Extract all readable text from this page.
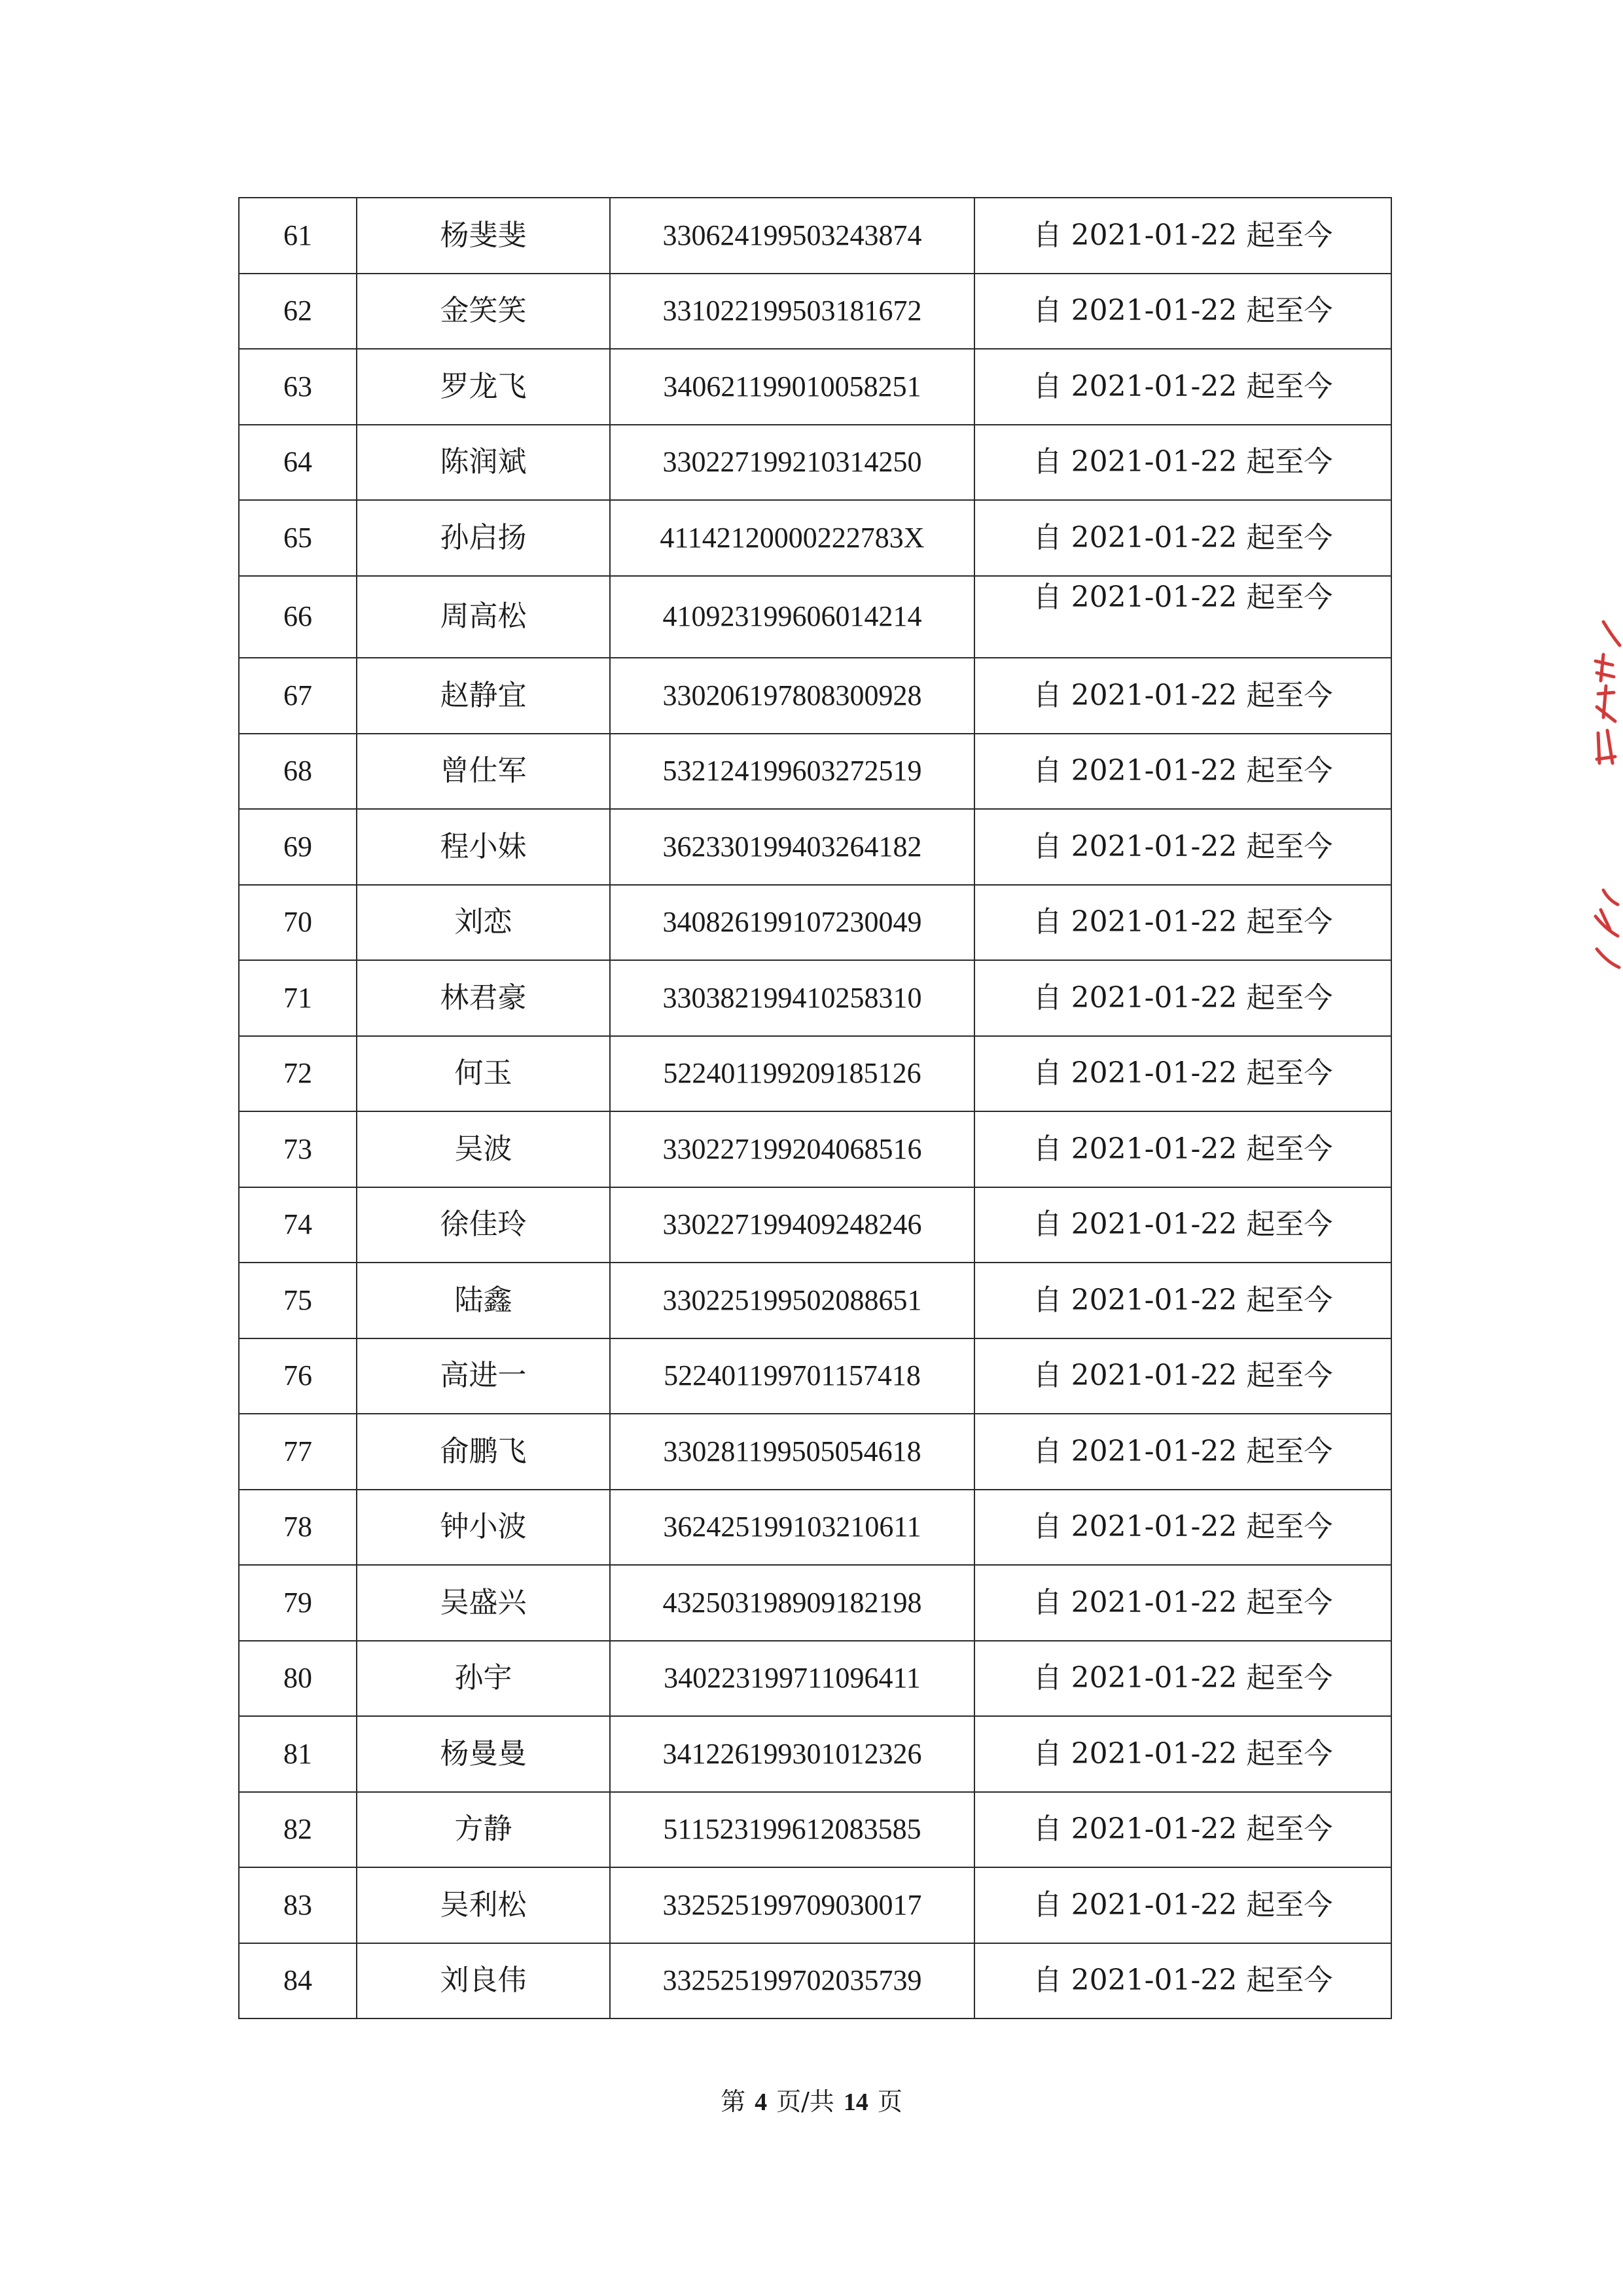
61	杨斐斐	330624199503243874	自 2021-01-22 起至今
62	金笑笑	331022199503181672	自 2021-01-22 起至今
63	罗龙飞	340621199010058251	自 2021-01-22 起至今
64	陈润斌	330227199210314250	自 2021-01-22 起至今
65	孙启扬	41142120000222783X	自 2021-01-22 起至今
66	周高松	410923199606014214	自 2021-01-22 起至今
67	赵静宜	330206197808300928	自 2021-01-22 起至今
68	曾仕军	532124199603272519	自 2021-01-22 起至今
69	程小妹	362330199403264182	自 2021-01-22 起至今
70	刘恋	340826199107230049	自 2021-01-22 起至今
71	林君豪	330382199410258310	自 2021-01-22 起至今
72	何玉	522401199209185126	自 2021-01-22 起至今
73	吴波	330227199204068516	自 2021-01-22 起至今
74	徐佳玲	330227199409248246	自 2021-01-22 起至今
75	陆鑫	330225199502088651	自 2021-01-22 起至今
76	高进一	522401199701157418	自 2021-01-22 起至今
77	俞鹏飞	330281199505054618	自 2021-01-22 起至今
78	钟小波	362425199103210611	自 2021-01-22 起至今
79	吴盛兴	432503198909182198	自 2021-01-22 起至今
80	孙宇	340223199711096411	自 2021-01-22 起至今
81	杨曼曼	341226199301012326	自 2021-01-22 起至今
82	方静	511523199612083585	自 2021-01-22 起至今
83	吴利松	332525199709030017	自 2021-01-22 起至今
84	刘良伟	332525199702035739	自 2021-01-22 起至今
第 4 页/共 14 页
